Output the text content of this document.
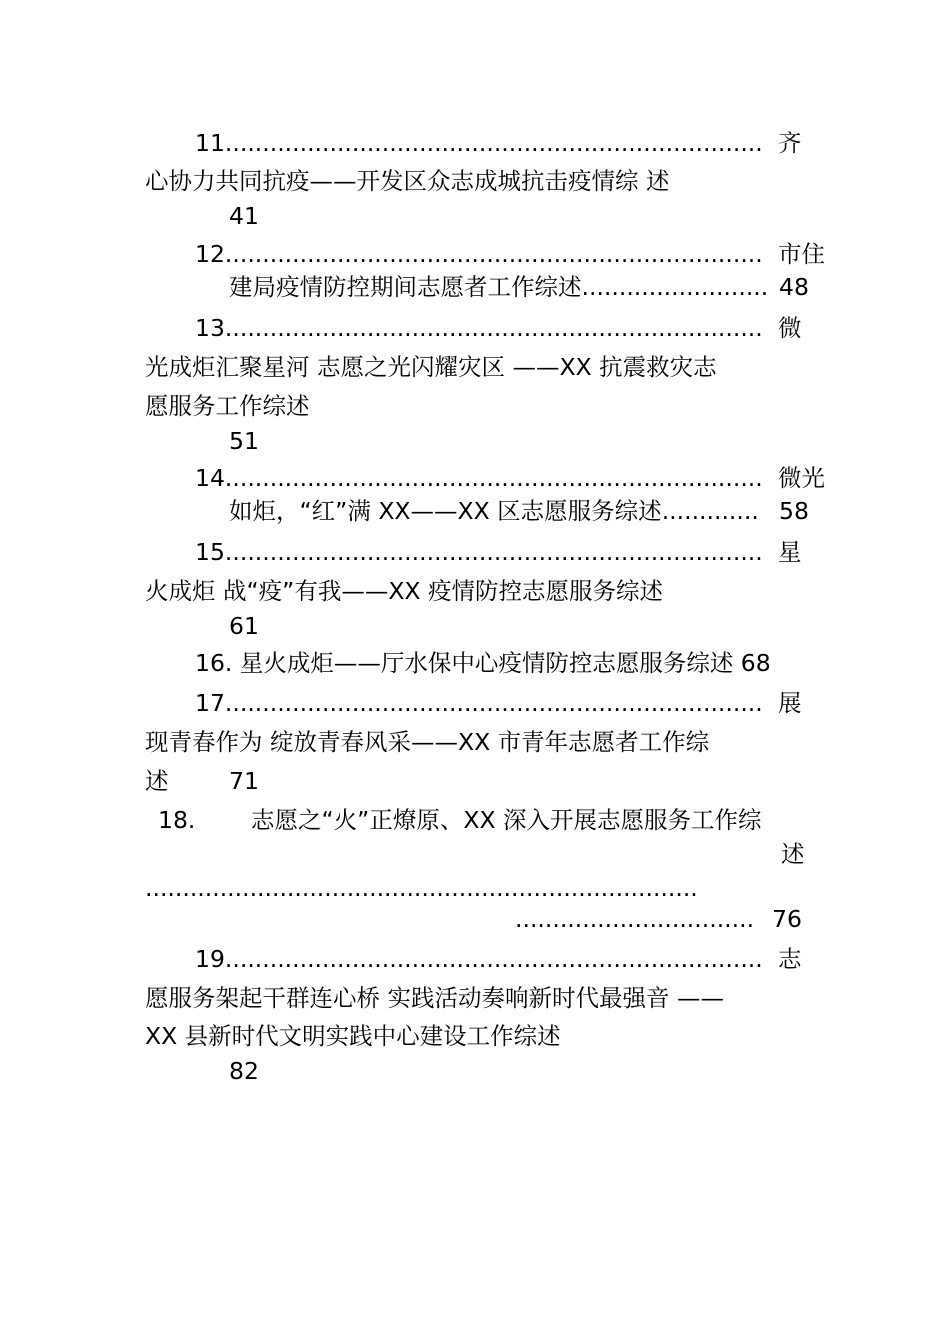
11........................................................................ 齐
心协力共同抗疫——开发区众志成城抗击疫情综 述
41
12........................................................................ 市住
建局疫情防控期间志愿者工作综述......................... 48
13........................................................................ 微
光成炬汇聚星河 志愿之光闪耀灾区 ——XX 抗震救灾志
愿服务工作综述
51
14........................................................................ 微光
如炬，“红”满 XX——XX 区志愿服务综述............. 58
15........................................................................ 星
火成炬 战“疫”有我——XX 疫情防控志愿服务综述
61
16. 星火成炬——厅水保中心疫情防控志愿服务综述 68
17........................................................................ 展
现青春作为 绽放青春风采——XX 市青年志愿者工作综
述	71
18. 志愿之“火”正燎原、XX 深入开展志愿服务工作综
述
..........................................................................
................................ 76
19........................................................................ 志
愿服务架起干群连心桥 实践活动奏响新时代最强音 ——
XX 县新时代文明实践中心建设工作综述
82
